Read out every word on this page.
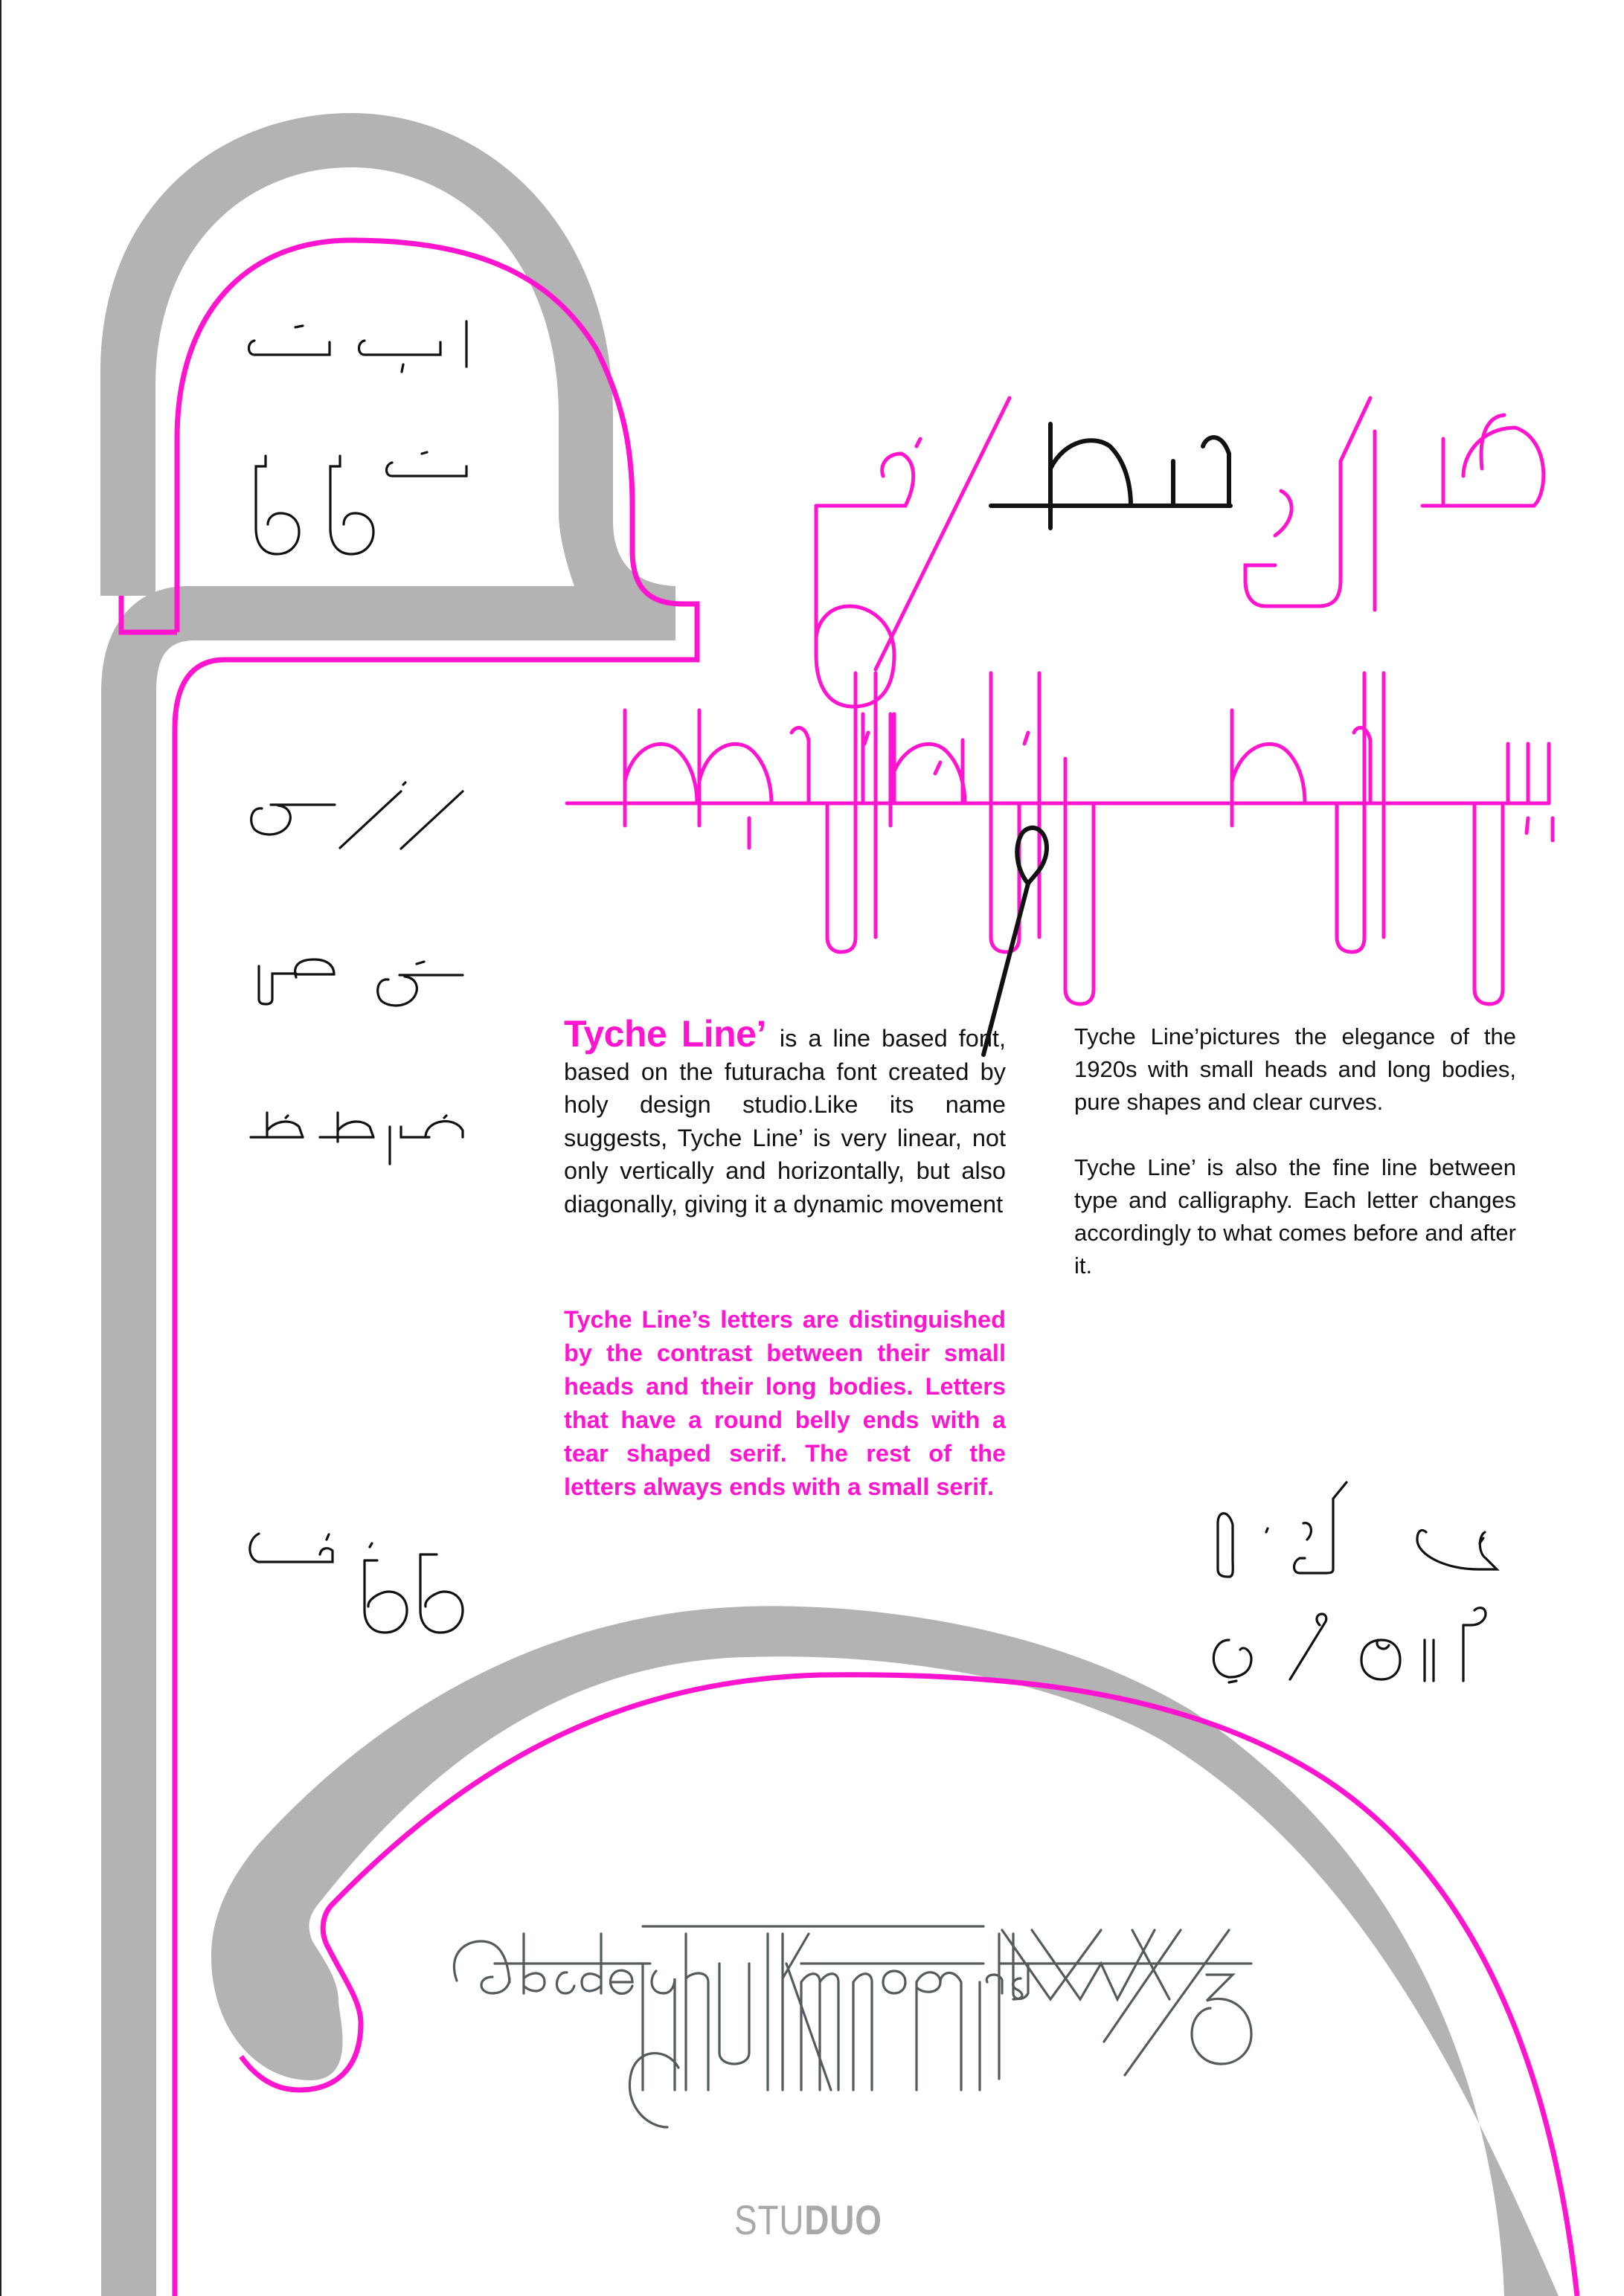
Tyche Line’ is a line based font, based on the futuracha font created by holy design studio.Like its name suggests, Tyche Line’ is very linear, not only vertically and horizontally, but also diagonally, giving it a dynamic movement

Tyche Line’s letters are distinguished by the contrast between their small heads and their long bodies. Letters that have a round belly ends with a tear shaped serif. The rest of the letters always ends with a small serif.

Tyche Line’pictures the elegance of the 1920s with small heads and long bodies, pure shapes and clear curves.

Tyche Line’ is also the fine line between type and calligraphy. Each letter changes accordingly to what comes before and after it.

STUDUO
